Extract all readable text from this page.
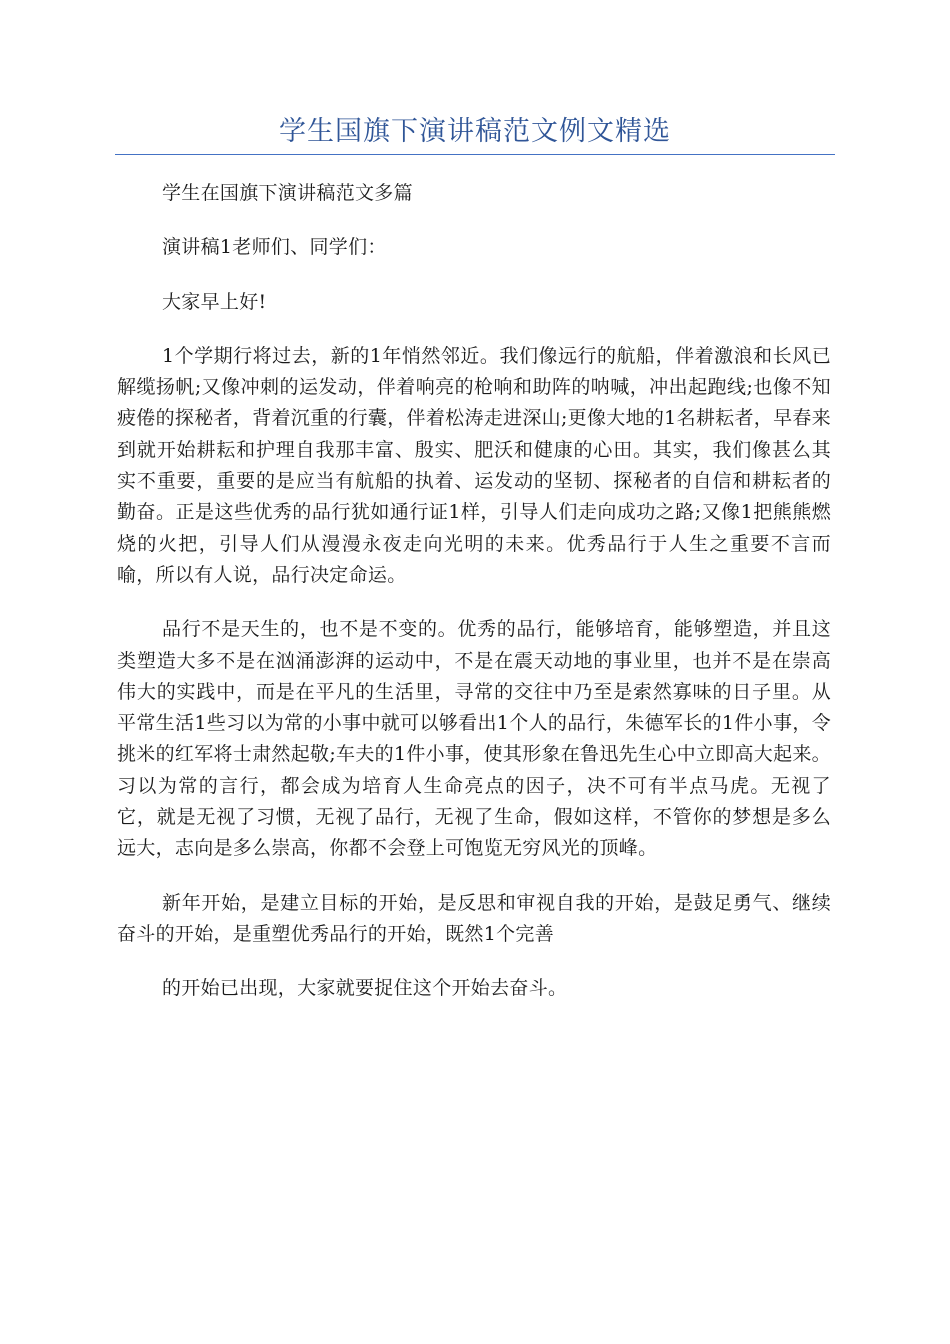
学生国旗下演讲稿范文例文精选

学生在国旗下演讲稿范文多篇

演讲稿1老师们、同学们：

大家早上好!

1个学期行将过去，新的1年悄然邻近。我们像远行的航船，伴着激浪和长风已解缆扬帆;又像冲刺的运发动，伴着响亮的枪响和助阵的呐喊，冲出起跑线;也像不知疲倦的探秘者，背着沉重的行囊，伴着松涛走进深山;更像大地的1名耕耘者，早春来到就开始耕耘和护理自我那丰富、殷实、肥沃和健康的心田。其实，我们像甚么其实不重要，重要的是应当有航船的执着、运发动的坚韧、探秘者的自信和耕耘者的勤奋。正是这些优秀的品行犹如通行证1样，引导人们走向成功之路;又像1把熊熊燃烧的火把，引导人们从漫漫永夜走向光明的未来。优秀品行于人生之重要不言而喻，所以有人说，品行决定命运。

品行不是天生的，也不是不变的。优秀的品行，能够培育，能够塑造，并且这类塑造大多不是在汹涌澎湃的运动中，不是在震天动地的事业里，也并不是在崇高伟大的实践中，而是在平凡的生活里，寻常的交往中乃至是索然寡味的日子里。从平常生活1些习以为常的小事中就可以够看出1个人的品行，朱德军长的1件小事，令挑米的红军将士肃然起敬;车夫的1件小事，使其形象在鲁迅先生心中立即高大起来。习以为常的言行，都会成为培育人生命亮点的因子，决不可有半点马虎。无视了它，就是无视了习惯，无视了品行，无视了生命，假如这样，不管你的梦想是多么远大，志向是多么崇高，你都不会登上可饱览无穷风光的顶峰。

新年开始，是建立目标的开始，是反思和审视自我的开始，是鼓足勇气、继续奋斗的开始，是重塑优秀品行的开始，既然1个完善

的开始已出现，大家就要捉住这个开始去奋斗。
